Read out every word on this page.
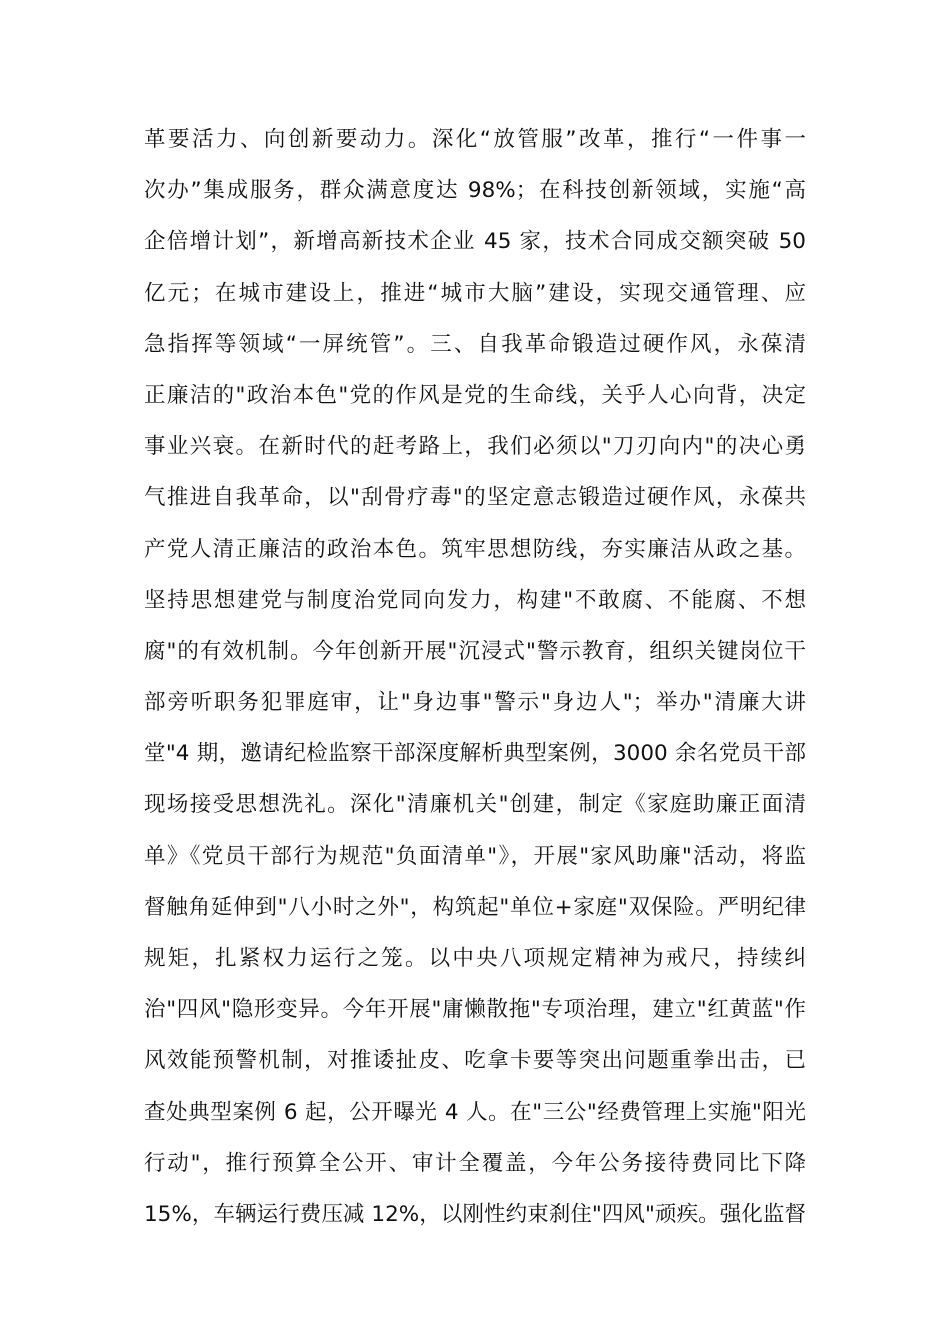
革要活力、向创新要动力。深化“放管服”改革，推行“一件事一
次办”集成服务，群众满意度达 98%；在科技创新领域，实施“高
企倍增计划”，新增高新技术企业 45 家，技术合同成交额突破 50
亿元；在城市建设上，推进“城市大脑”建设，实现交通管理、应
急指挥等领域“一屏统管”。三、自我革命锻造过硬作风，永葆清
正廉洁的"政治本色"党的作风是党的生命线，关乎人心向背，决定
事业兴衰。在新时代的赶考路上，我们必须以"刀刃向内"的决心勇
气推进自我革命，以"刮骨疗毒"的坚定意志锻造过硬作风，永葆共
产党人清正廉洁的政治本色。筑牢思想防线，夯实廉洁从政之基。
坚持思想建党与制度治党同向发力，构建"不敢腐、不能腐、不想
腐"的有效机制。今年创新开展"沉浸式"警示教育，组织关键岗位干
部旁听职务犯罪庭审，让"身边事"警示"身边人"；举办"清廉大讲
堂"4 期，邀请纪检监察干部深度解析典型案例，3000 余名党员干部
现场接受思想洗礼。深化"清廉机关"创建，制定《家庭助廉正面清
单》《党员干部行为规范"负面清单"》，开展"家风助廉"活动，将监
督触角延伸到"八小时之外"，构筑起"单位+家庭"双保险。严明纪律
规矩，扎紧权力运行之笼。以中央八项规定精神为戒尺，持续纠
治"四风"隐形变异。今年开展"庸懒散拖"专项治理，建立"红黄蓝"作
风效能预警机制，对推诿扯皮、吃拿卡要等突出问题重拳出击，已
查处典型案例 6 起，公开曝光 4 人。在"三公"经费管理上实施"阳光
行动"，推行预算全公开、审计全覆盖，今年公务接待费同比下降
15%，车辆运行费压减 12%，以刚性约束刹住"四风"顽疾。强化监督
